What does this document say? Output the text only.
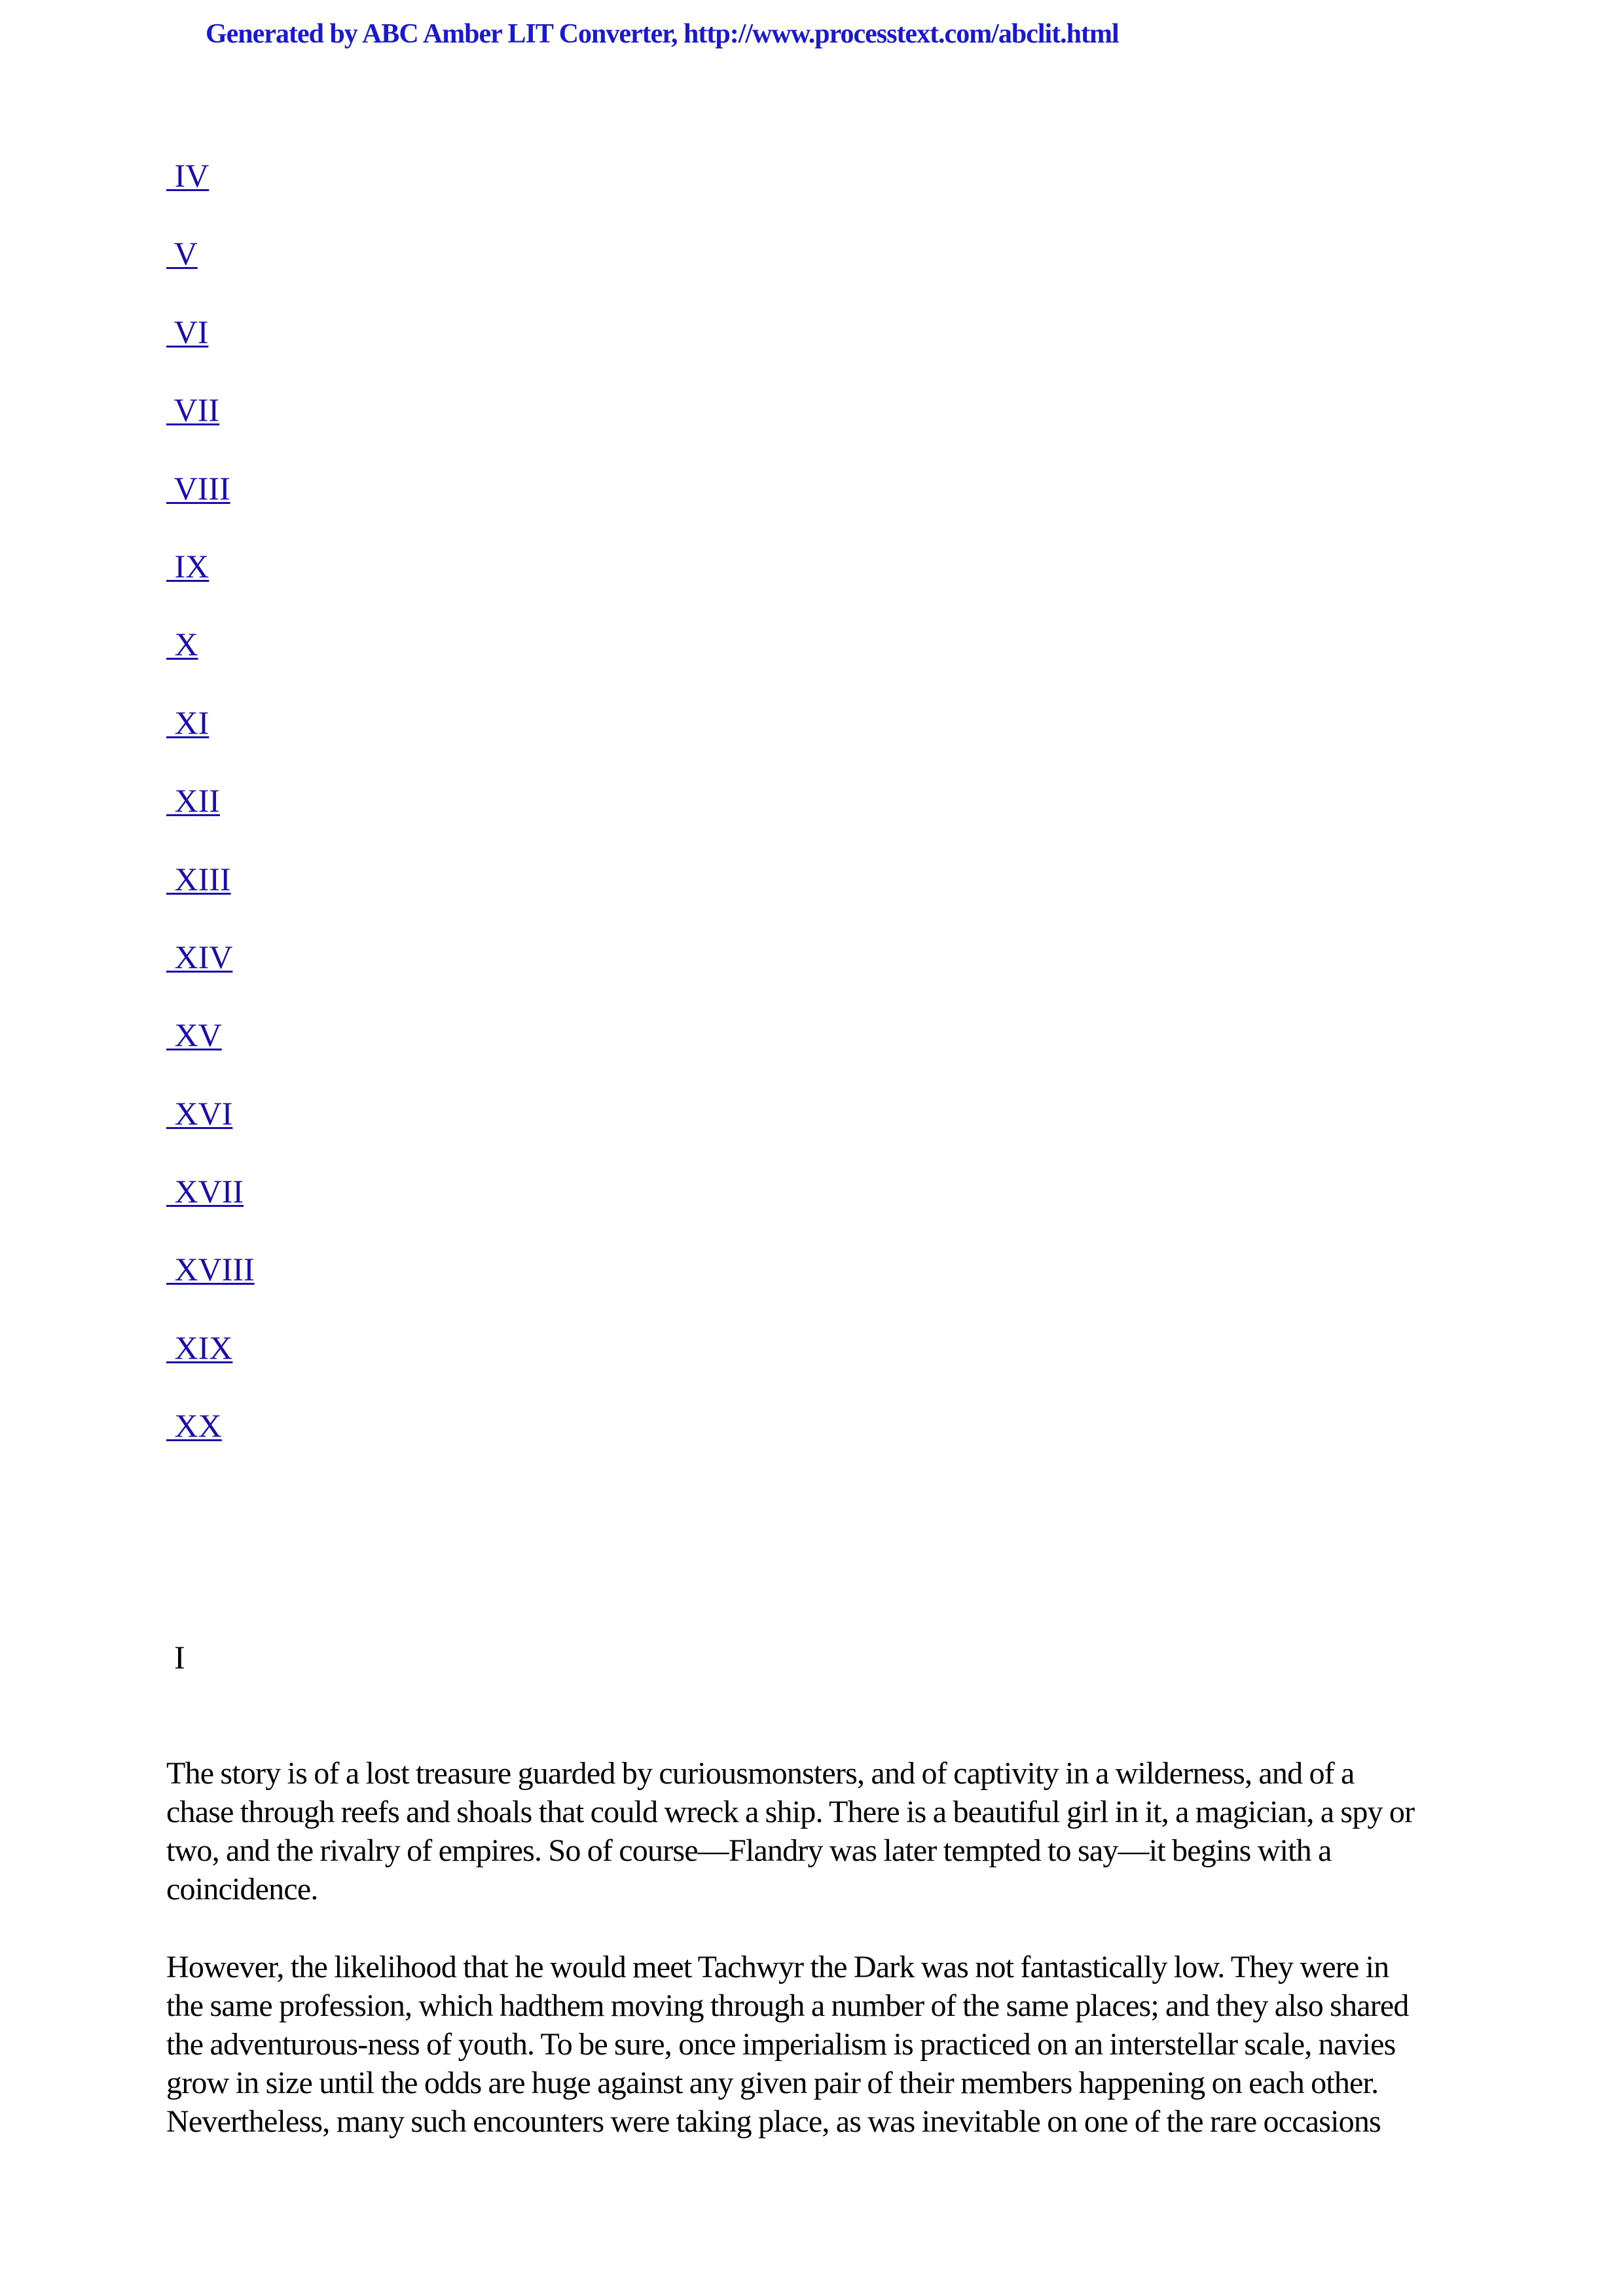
Generated by ABC Amber LIT Converter, http://www.processtext.com/abclit.html
IV
V
VI
VII
VIII
IX
X
XI
XII
XIII
XIV
XV
XVI
XVII
XVIII
XIX
XX
I

The story is of a lost treasure guarded by curiousmonsters, and of captivity in a wilderness, and of a
chase through reefs and shoals that could wreck a ship. There is a beautiful girl in it, a magician, a spy or
two, and the rivalry of empires. So of course—Flandry was later tempted to say—it begins with a
coincidence.

However, the likelihood that he would meet Tachwyr the Dark was not fantastically low. They were in
the same profession, which hadthem moving through a number of the same places; and they also shared
the adventurous-ness of youth. To be sure, once imperialism is practiced on an interstellar scale, navies
grow in size until the odds are huge against any given pair of their members happening on each other.
Nevertheless, many such encounters were taking place, as was inevitable on one of the rare occasions
